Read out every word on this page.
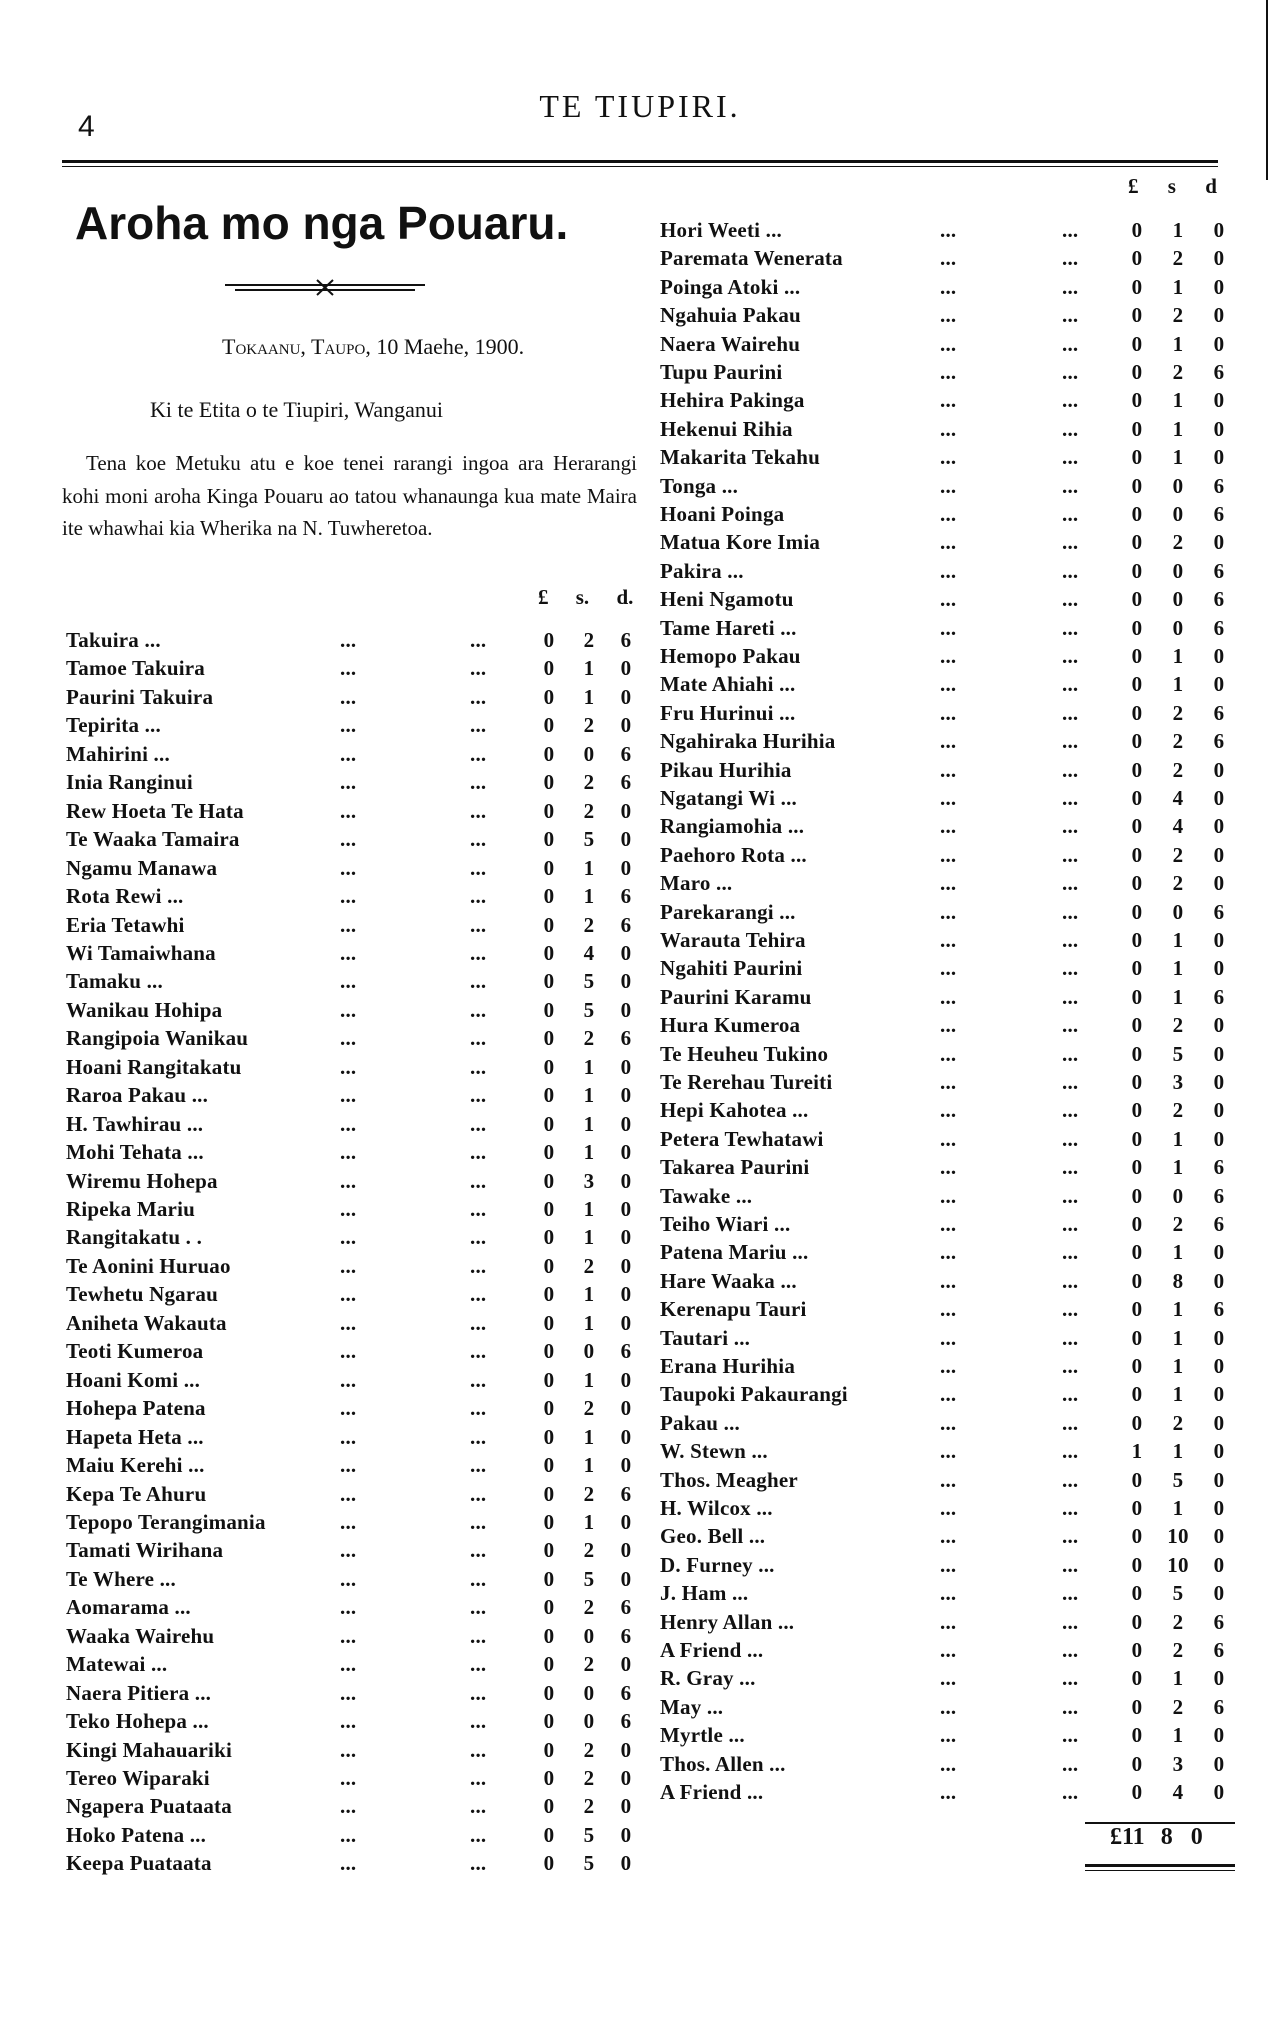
4
TE TIUPIRI.
Aroha mo nga Pouaru.
Tokaanu, Taupo, 10 Maehe, 1900.
Ki te Etita o te Tiupiri, Wanganui
Tena koe Metuku atu e koe tenei rarangi ingoa ara Herarangi kohi moni aroha Kinga Pouaru ao tatou whanaunga kua mate Maira ite whawhai kia Wherika na N. Tuwheretoa.
Takuira ...	...	...	0	2	6
Tamoe Takuira	...	...	0	1	0
Paurini Takuira	...	...	0	1	0
Tepirita ...	...	...	0	2	0
Mahirini ...	...	...	0	0	6
Inia Ranginui	...	...	0	2	6
Rew Hoeta Te Hata	...	...	0	2	0
Te Waaka Tamaira	...	...	0	5	0
Ngamu Manawa	...	...	0	1	0
Rota Rewi ...	...	...	0	1	6
Eria Tetawhi	...	...	0	2	6
Wi Tamaiwhana	...	...	0	4	0
Tamaku ...	...	...	0	5	0
Wanikau Hohipa	...	...	0	5	0
Rangipoia Wanikau	...	...	0	2	6
Hoani Rangitakatu	...	...	0	1	0
Raroa Pakau ...	...	...	0	1	0
H. Tawhirau ...	...	...	0	1	0
Mohi Tehata ...	...	...	0	1	0
Wiremu Hohepa	...	...	0	3	0
Ripeka Mariu	...	...	0	1	0
Rangitakatu . .	...	...	0	1	0
Te Aonini Huruao	...	...	0	2	0
Tewhetu Ngarau	...	...	0	1	0
Aniheta Wakauta	...	...	0	1	0
Teoti Kumeroa	...	...	0	0	6
Hoani Komi ...	...	...	0	1	0
Hohepa Patena	...	...	0	2	0
Hapeta Heta ...	...	...	0	1	0
Maiu Kerehi ...	...	...	0	1	0
Kepa Te Ahuru	...	...	0	2	6
Tepopo Terangimania	...	...	0	1	0
Tamati Wirihana	...	...	0	2	0
Te Where ...	...	...	0	5	0
Aomarama ...	...	...	0	2	6
Waaka Wairehu	...	...	0	0	6
Matewai ...	...	...	0	2	0
Naera Pitiera ...	...	...	0	0	6
Teko Hohepa ...	...	...	0	0	6
Kingi Mahauariki	...	...	0	2	0
Tereo Wiparaki	...	...	0	2	0
Ngapera Puataata	...	...	0	2	0
Hoko Patena ...	...	...	0	5	0
Keepa Puataata	...	...	0	5	0
Hori Weeti ...	...	...	0	1	0
Paremata Wenerata	...	...	0	2	0
Poinga Atoki ...	...	...	0	1	0
Ngahuia Pakau	...	...	0	2	0
Naera Wairehu	...	...	0	1	0
Tupu Paurini	...	...	0	2	6
Hehira Pakinga	...	...	0	1	0
Hekenui Rihia	...	...	0	1	0
Makarita Tekahu	...	...	0	1	0
Tonga ...	...	...	0	0	6
Hoani Poinga	...	...	0	0	6
Matua Kore Imia	...	...	0	2	0
Pakira ...	...	...	0	0	6
Heni Ngamotu	...	...	0	0	6
Tame Hareti ...	...	...	0	0	6
Hemopo Pakau	...	...	0	1	0
Mate Ahiahi ...	...	...	0	1	0
Fru Hurinui ...	...	...	0	2	6
Ngahiraka Hurihia	...	...	0	2	6
Pikau Hurihia	...	...	0	2	0
Ngatangi Wi ...	...	...	0	4	0
Rangiamohia ...	...	...	0	4	0
Paehoro Rota ...	...	...	0	2	0
Maro ...	...	...	0	2	0
Parekarangi ...	...	...	0	0	6
Warauta Tehira	...	...	0	1	0
Ngahiti Paurini	...	...	0	1	0
Paurini Karamu	...	...	0	1	6
Hura Kumeroa	...	...	0	2	0
Te Heuheu Tukino	...	...	0	5	0
Te Rerehau Tureiti	...	...	0	3	0
Hepi Kahotea ...	...	...	0	2	0
Petera Tewhatawi	...	...	0	1	0
Takarea Paurini	...	...	0	1	6
Tawake ...	...	...	0	0	6
Teiho Wiari ...	...	...	0	2	6
Patena Mariu ...	...	...	0	1	0
Hare Waaka ...	...	...	0	8	0
Kerenapu Tauri	...	...	0	1	6
Tautari ...	...	...	0	1	0
Erana Hurihia	...	...	0	1	0
Taupoki Pakaurangi	...	...	0	1	0
Pakau ...	...	...	0	2	0
W. Stewn ...	...	...	1	1	0
Thos. Meagher	...	...	0	5	0
H. Wilcox ...	...	...	0	1	0
Geo. Bell ...	...	...	0	10	0
D. Furney ...	...	...	0	10	0
J. Ham ...	...	...	0	5	0
Henry Allan ...	...	...	0	2	6
A Friend ...	...	...	0	2	6
R. Gray ...	...	...	0	1	0
May ...	...	...	0	2	6
Myrtle ...	...	...	0	1	0
Thos. Allen ...	...	...	0	3	0
A Friend ...	...	...	0	4	0
£ s. d.
£ s d
£11 8 0
